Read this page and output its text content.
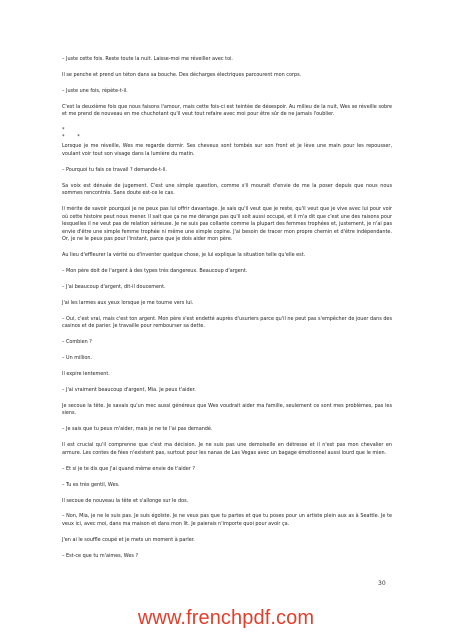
– Juste cette fois. Reste toute la nuit. Laisse-moi me réveiller avec toi.

Il se penche et prend un téton dans sa bouche. Des décharges électriques parcourent mon corps.

– Juste une fois, répète-t-il.

C'est la deuxième fois que nous faisons l'amour, mais cette fois-ci est teintée de désespoir. Au milieu de la nuit, Wes se réveille sobre et me prend de nouveau en me chuchotant qu'il veut tout refaire avec moi pour être sûr de ne jamais l'oublier.

*
*        *

Lorsque je me réveille, Wes me regarde dormir. Ses cheveux sont tombés sur son front et je lève une main pour les repousser, voulant voir tout son visage dans la lumière du matin.

– Pourquoi tu fais ce travail ? demande-t-il.

Sa voix est dénuée de jugement. C'est une simple question, comme s'il mourait d'envie de me la poser depuis que nous nous sommes rencontrés. Sans doute est-ce le cas.

Il mérite de savoir pourquoi je ne peux pas lui offrir davantage. Je sais qu'il veut que je reste, qu'il veut que je vive avec lui pour voir où cette histoire peut nous mener. Il sait que ça ne me dérange pas qu'il soit aussi occupé, et il m'a dit que c'est une des raisons pour lesquelles il ne veut pas de relation sérieuse. Je ne suis pas collante comme la plupart des femmes trophées et, justement, je n'ai pas envie d'être une simple femme trophée ni même une simple copine. J'ai besoin de tracer mon propre chemin et d'être indépendante. Or, je ne le peux pas pour l'instant, parce que je dois aider mon père.

Au lieu d'effleurer la vérité ou d'inventer quelque chose, je lui explique la situation telle qu'elle est.

– Mon père doit de l'argent à des types très dangereux. Beaucoup d'argent.

– J'ai beaucoup d'argent, dit-il doucement.

J'ai les larmes aux yeux lorsque je me tourne vers lui.

– Oui, c'est vrai, mais c'est ton argent. Mon père s'est endetté auprès d'usuriers parce qu'il ne peut pas s'empêcher de jouer dans des casinos et de parier. Je travaille pour rembourser sa dette.

– Combien ?

– Un million.

Il expire lentement.

– J'ai vraiment beaucoup d'argent, Mia. Je peux t'aider.

Je secoue la tête. Je savais qu'un mec aussi généreux que Wes voudrait aider ma famille, seulement ce sont mes problèmes, pas les siens.

– Je sais que tu peux m'aider, mais je ne te l'ai pas demandé.

Il est crucial qu'il comprenne que c'est ma décision. Je ne suis pas une demoiselle en détresse et il n'est pas mon chevalier en armure. Les contes de fées n'existent pas, surtout pour les nanas de Las Vegas avec un bagage émotionnel aussi lourd que le mien.

– Et si je te dis que j'ai quand même envie de t'aider ?

– Tu es très gentil, Wes.

Il secoue de nouveau la tête et s'allonge sur le dos.

– Non, Mia, je ne le suis pas. Je suis égoïste. Je ne veux pas que tu partes et que tu poses pour un artiste plein aux as à Seattle. Je te veux ici, avec moi, dans ma maison et dans mon lit. Je paierais n'importe quoi pour avoir ça.

J'en ai le souffle coupé et je mets un moment à parler.

– Est-ce que tu m'aimes, Wes ?

30
www.frenchpdf.com
